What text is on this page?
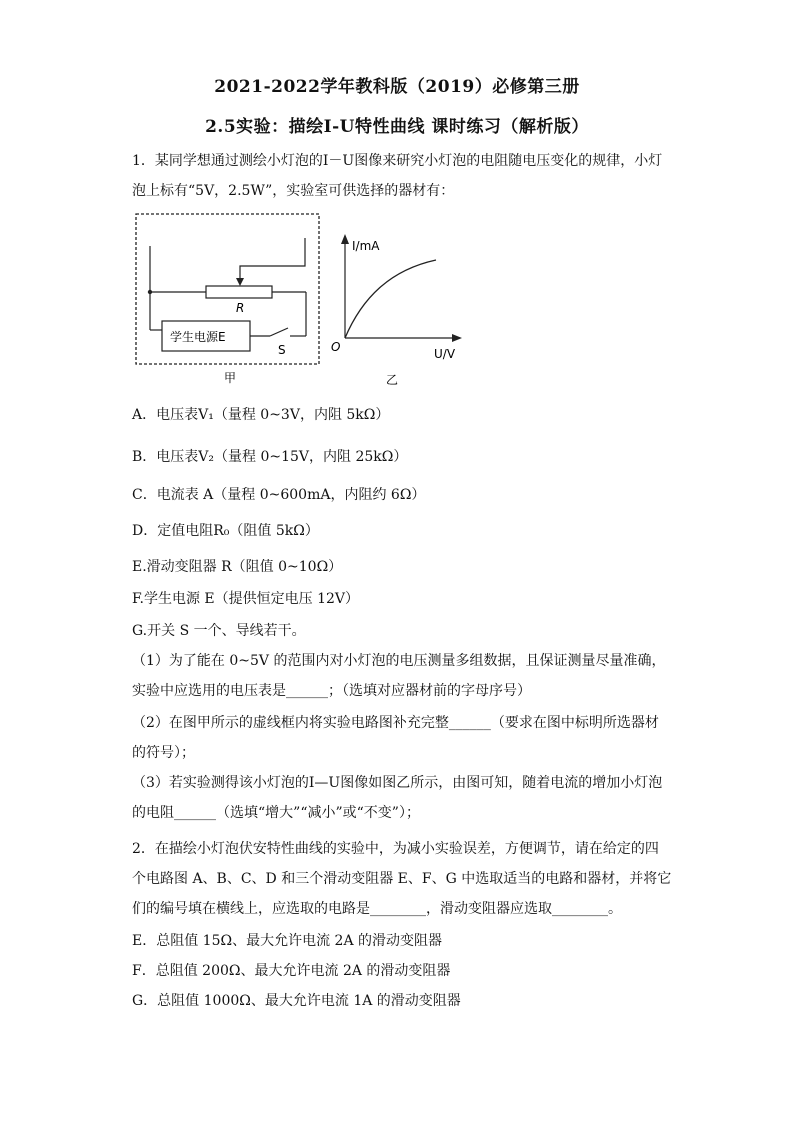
2021-2022学年教科版（2019）必修第三册
2.5实验：描绘I-U特性曲线 课时练习（解析版）
1．某同学想通过测绘小灯泡的I－U图像来研究小灯泡的电阻随电压变化的规律，小灯
泡上标有“5V，2.5W”，实验室可供选择的器材有：
R
学生电源E
S
甲
I/mA
U/V
O
乙
A．电压表V₁（量程 0~3V，内阻 5kΩ）
B．电压表V₂（量程 0~15V，内阻 25kΩ）
C．电流表 A（量程 0~600mA，内阻约 6Ω）
D．定值电阻R₀（阻值 5kΩ）
E.滑动变阻器 R（阻值 0~10Ω）
F.学生电源 E（提供恒定电压 12V）
G.开关 S 一个、导线若干。
（1）为了能在 0~5V 的范围内对小灯泡的电压测量多组数据，且保证测量尽量准确，
实验中应选用的电压表是______；（选填对应器材前的字母序号）
（2）在图甲所示的虚线框内将实验电路图补充完整______（要求在图中标明所选器材
的符号）；
（3）若实验测得该小灯泡的I—U图像如图乙所示，由图可知，随着电流的增加小灯泡
的电阻______（选填“增大”“减小”或“不变”）；
2．在描绘小灯泡伏安特性曲线的实验中，为减小实验误差，方便调节，请在给定的四
个电路图 A、B、C、D 和三个滑动变阻器 E、F、G 中选取适当的电路和器材，并将它
们的编号填在横线上，应选取的电路是________，滑动变阻器应选取________。
E．总阻值 15Ω、最大允许电流 2A 的滑动变阻器
F．总阻值 200Ω、最大允许电流 2A 的滑动变阻器
G．总阻值 1000Ω、最大允许电流 1A 的滑动变阻器
